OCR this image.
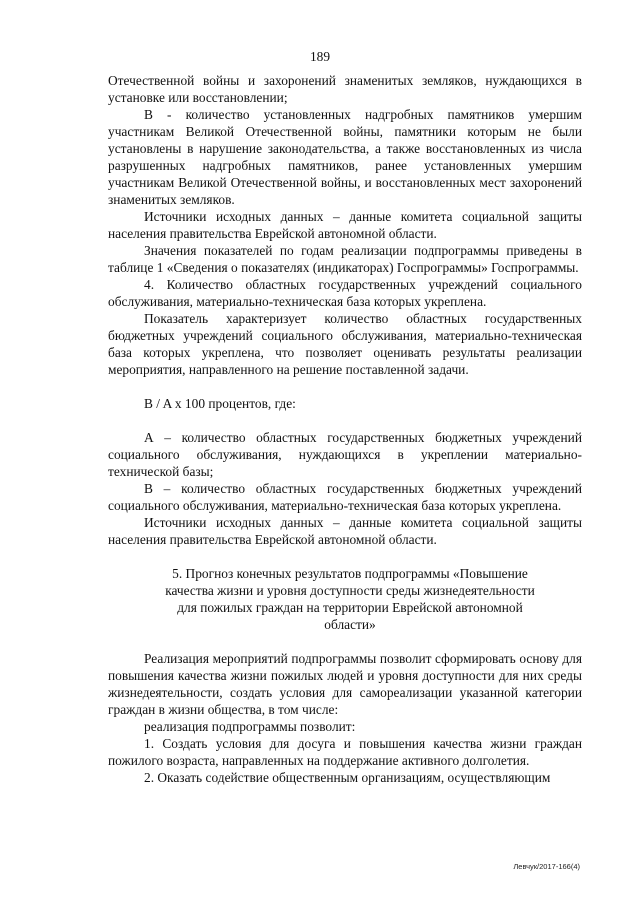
189

Отечественной войны и захоронений знаменитых земляков, нуждающихся в установке или восстановлении;

В - количество установленных надгробных памятников умершим участникам Великой Отечественной войны, памятники которым не были установлены в нарушение законодательства, а также восстановленных из числа разрушенных надгробных памятников, ранее установленных умершим участникам Великой Отечественной войны, и восстановленных мест захоронений знаменитых земляков.

Источники исходных данных – данные комитета социальной защиты населения правительства Еврейской автономной области.

Значения показателей по годам реализации подпрограммы приведены в таблице 1 «Сведения о показателях (индикаторах) Госпрограммы» Госпрограммы.

4. Количество областных государственных учреждений социального обслуживания, материально-техническая база которых укреплена.

Показатель характеризует количество областных государственных бюджетных учреждений социального обслуживания, материально-техническая база которых укреплена, что позволяет оценивать результаты реализации мероприятия, направленного на решение поставленной задачи.

B / A x 100 процентов, где:

А – количество областных государственных бюджетных учреждений социального обслуживания, нуждающихся в укреплении материально-технической базы;

В – количество областных государственных бюджетных учреждений социального обслуживания, материально-техническая база которых укреплена.

Источники исходных данных – данные комитета социальной защиты населения правительства Еврейской автономной области.

5. Прогноз конечных результатов подпрограммы «Повышение

качества жизни и уровня доступности среды жизнедеятельности

для пожилых граждан на территории Еврейской автономной

области»

Реализация мероприятий подпрограммы позволит сформировать основу для повышения качества жизни пожилых людей и уровня доступности для них среды жизнедеятельности, создать условия для самореализации указанной категории граждан в жизни общества, в том числе:

реализация подпрограммы позволит:

1. Создать условия для досуга и повышения качества жизни граждан пожилого возраста, направленных на поддержание активного долголетия.

2. Оказать содействие общественным организациям, осуществляющим

Левчук/2017-166(4)
